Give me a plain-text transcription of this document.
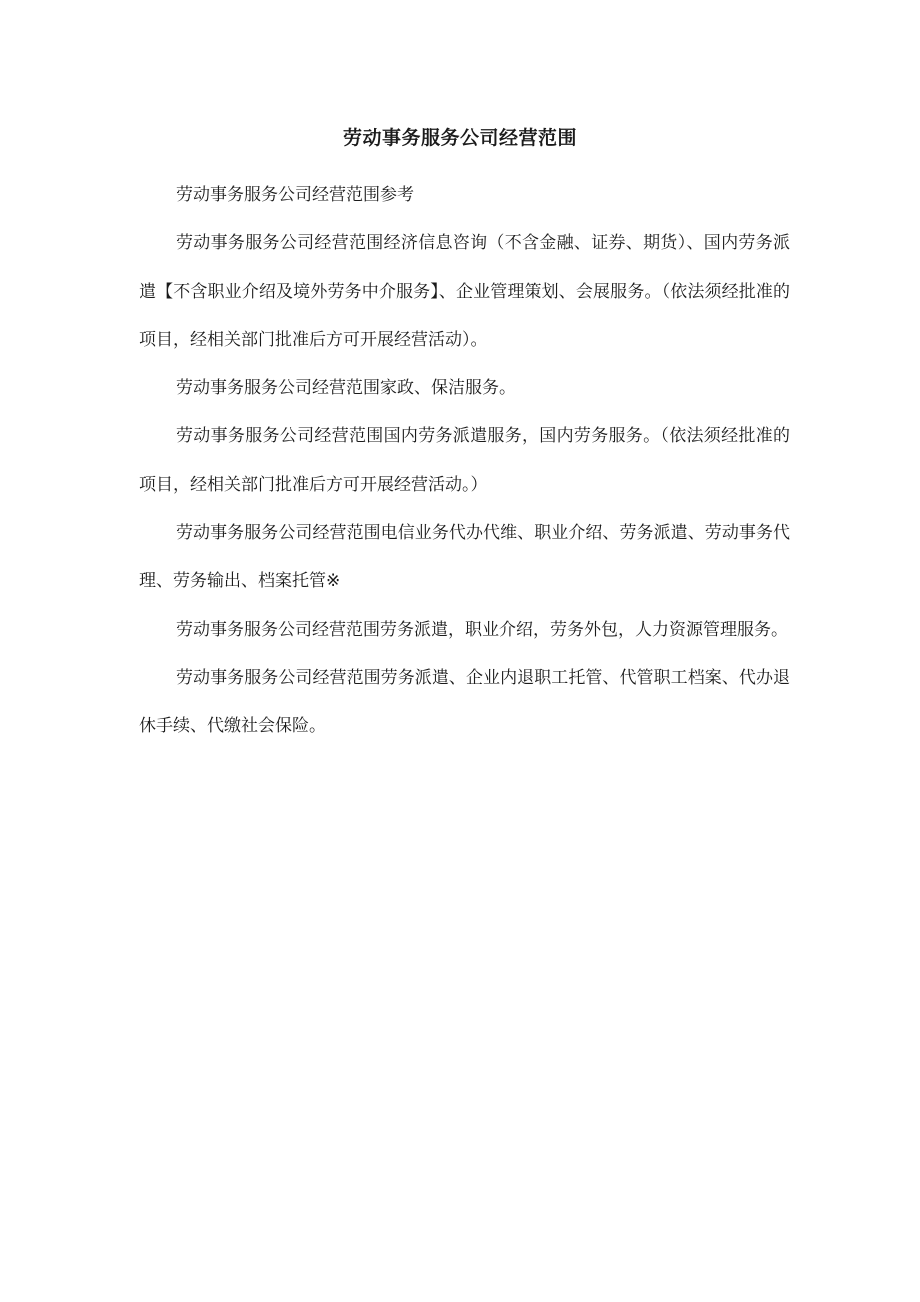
劳动事务服务公司经营范围

劳动事务服务公司经营范围参考

劳动事务服务公司经营范围经济信息咨询（不含金融、证券、期货）、国内劳务派遣【不含职业介绍及境外劳务中介服务】、企业管理策划、会展服务。（依法须经批准的项目，经相关部门批准后方可开展经营活动）。

劳动事务服务公司经营范围家政、保洁服务。

劳动事务服务公司经营范围国内劳务派遣服务，国内劳务服务。（依法须经批准的项目，经相关部门批准后方可开展经营活动。）

劳动事务服务公司经营范围电信业务代办代维、职业介绍、劳务派遣、劳动事务代理、劳务输出、档案托管※

劳动事务服务公司经营范围劳务派遣，职业介绍，劳务外包，人力资源管理服务。

劳动事务服务公司经营范围劳务派遣、企业内退职工托管、代管职工档案、代办退休手续、代缴社会保险。
